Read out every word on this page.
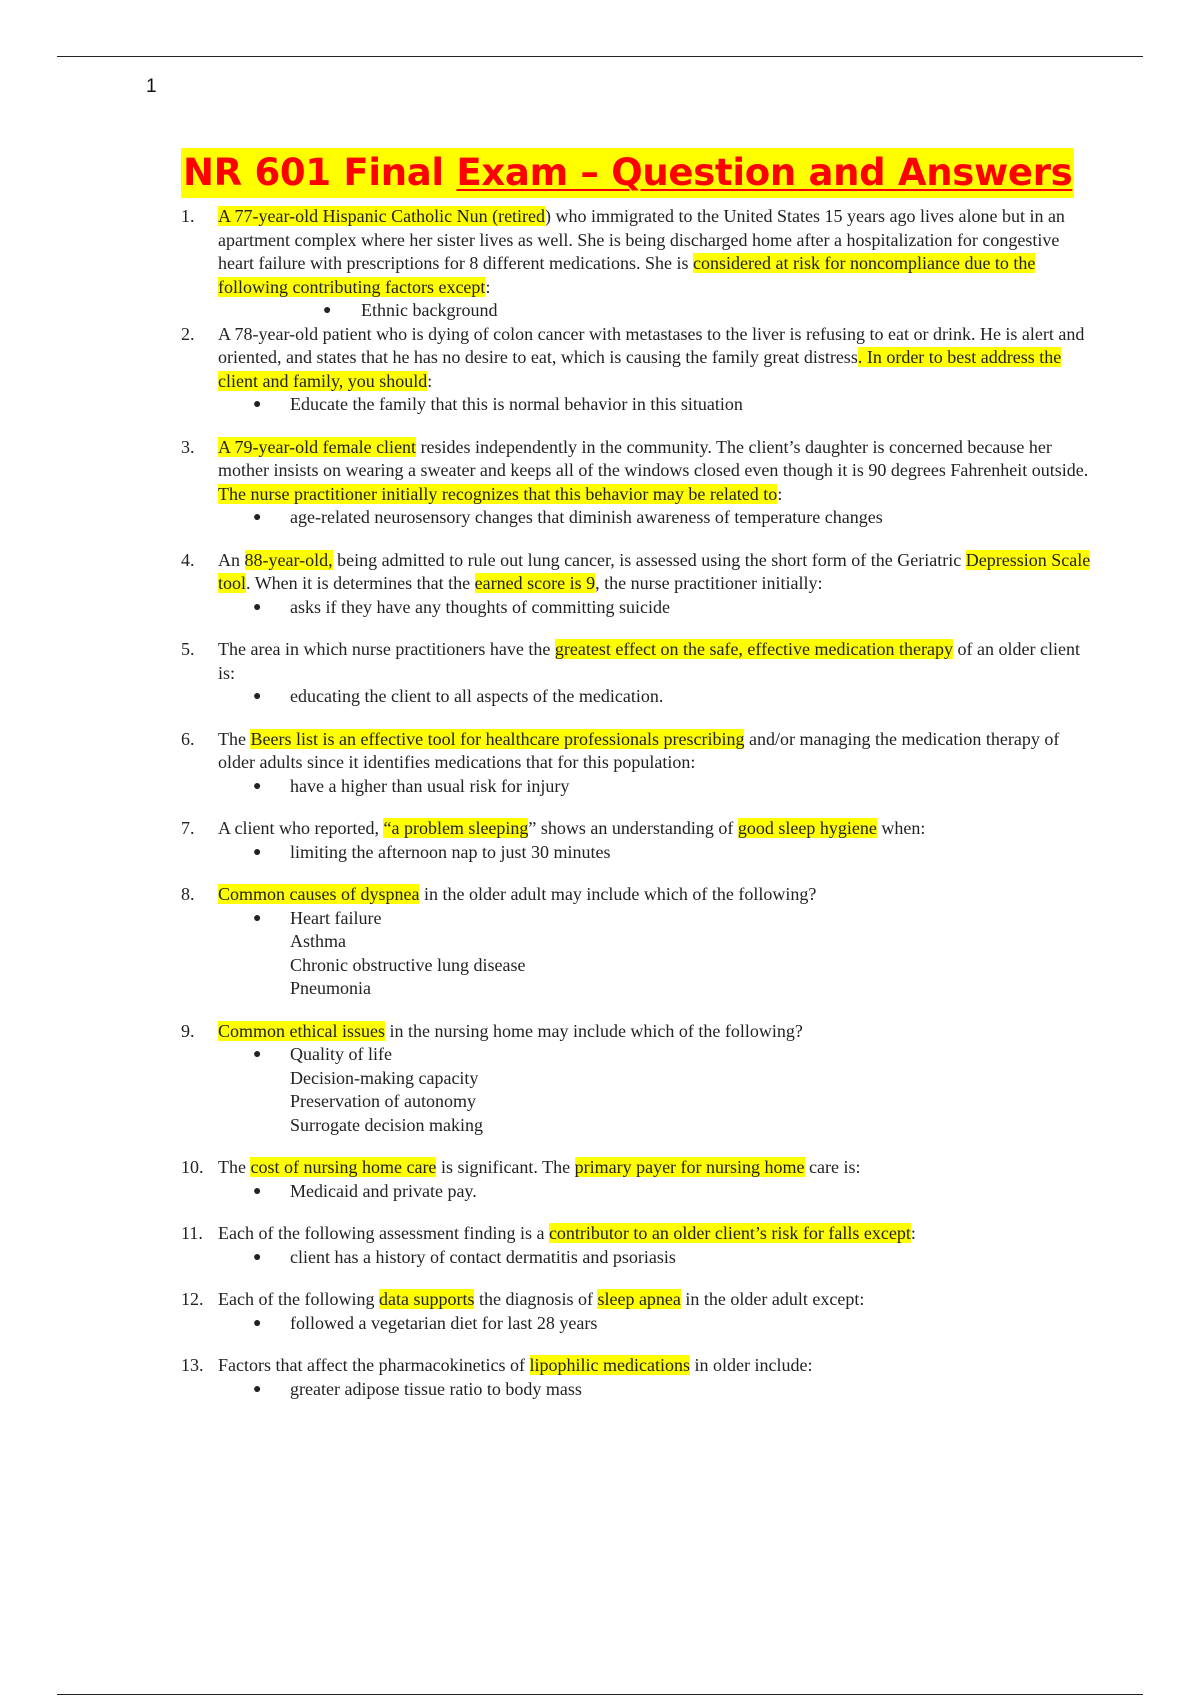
1
NR 601 Final Exam – Question and Answers
1. A 77-year-old Hispanic Catholic Nun (retired) who immigrated to the United States 15 years ago lives alone but in an apartment complex where her sister lives as well. She is being discharged home after a hospitalization for congestive heart failure with prescriptions for 8 different medications. She is considered at risk for noncompliance due to the following contributing factors except:
● Ethnic background
2. A 78-year-old patient who is dying of colon cancer with metastases to the liver is refusing to eat or drink. He is alert and oriented, and states that he has no desire to eat, which is causing the family great distress. In order to best address the client and family, you should:
● Educate the family that this is normal behavior in this situation
3. A 79-year-old female client resides independently in the community. The client’s daughter is concerned because her mother insists on wearing a sweater and keeps all of the windows closed even though it is 90 degrees Fahrenheit outside. The nurse practitioner initially recognizes that this behavior may be related to:
● age-related neurosensory changes that diminish awareness of temperature changes
4. An 88-year-old, being admitted to rule out lung cancer, is assessed using the short form of the Geriatric Depression Scale tool. When it is determines that the earned score is 9, the nurse practitioner initially:
● asks if they have any thoughts of committing suicide
5. The area in which nurse practitioners have the greatest effect on the safe, effective medication therapy of an older client is:
● educating the client to all aspects of the medication.
6. The Beers list is an effective tool for healthcare professionals prescribing and/or managing the medication therapy of older adults since it identifies medications that for this population:
● have a higher than usual risk for injury
7. A client who reported, “a problem sleeping” shows an understanding of good sleep hygiene when:
● limiting the afternoon nap to just 30 minutes
8. Common causes of dyspnea in the older adult may include which of the following?
● Heart failure
Asthma
Chronic obstructive lung disease
Pneumonia
9. Common ethical issues in the nursing home may include which of the following?
● Quality of life
Decision-making capacity
Preservation of autonomy
Surrogate decision making
10. The cost of nursing home care is significant. The primary payer for nursing home care is:
● Medicaid and private pay.
11. Each of the following assessment finding is a contributor to an older client’s risk for falls except:
● client has a history of contact dermatitis and psoriasis
12. Each of the following data supports the diagnosis of sleep apnea in the older adult except:
● followed a vegetarian diet for last 28 years
13. Factors that affect the pharmacokinetics of lipophilic medications in older include:
● greater adipose tissue ratio to body mass
